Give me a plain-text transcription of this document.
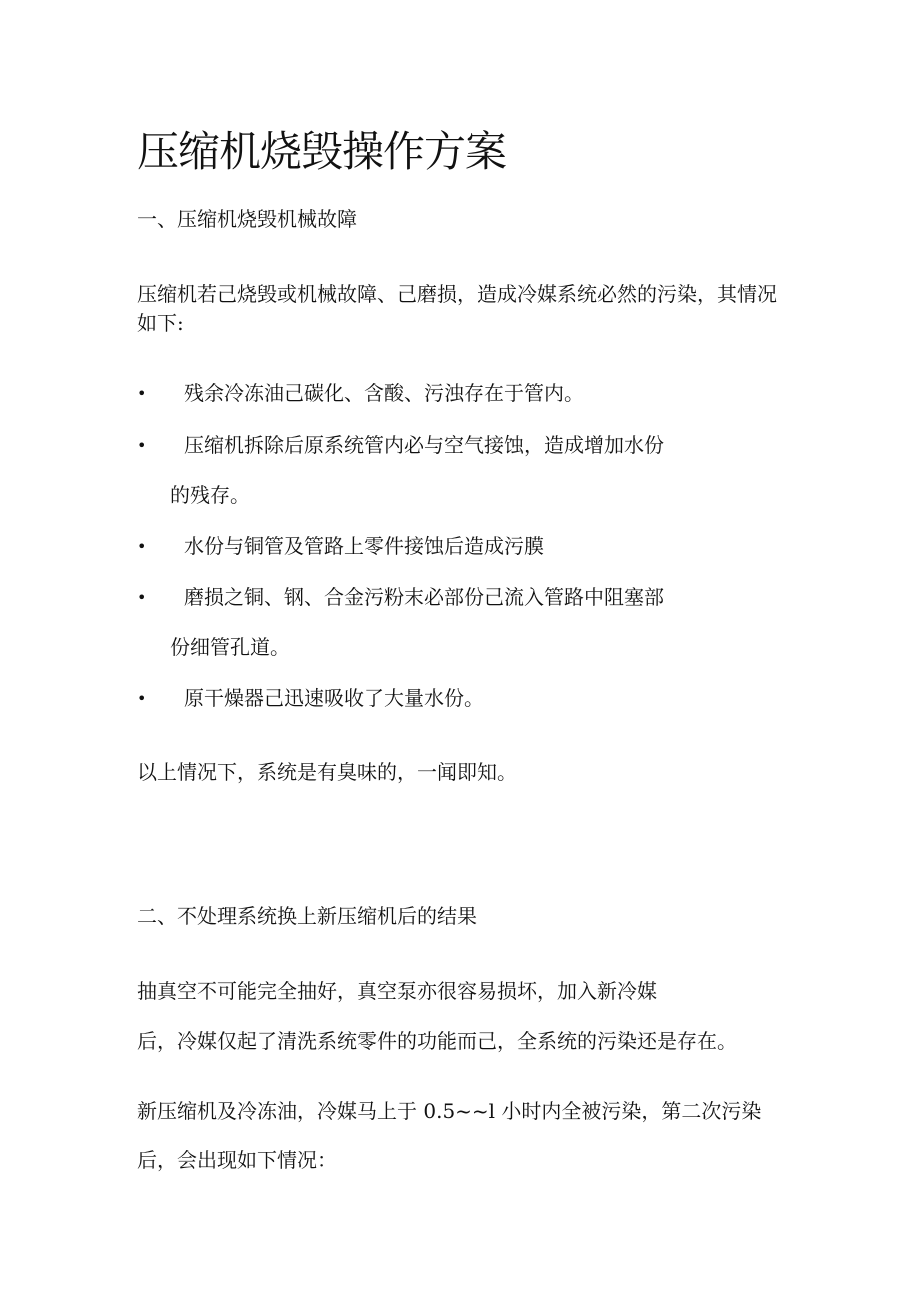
压缩机烧毁操作方案
一、压缩机烧毁机械故障

压缩机若己烧毁或机械故障、己磨损，造成冷媒系统必然的污染，其情况

如下:

• 残余冷冻油己碳化、含酸、污浊存在于管内。

• 压缩机拆除后原系统管内必与空气接蚀，造成增加水份

的残存。

• 水份与铜管及管路上零件接蚀后造成污膜

• 磨损之铜、钢、合金污粉末必部份己流入管路中阻塞部

份细管孔道。

• 原干燥器己迅速吸收了大量水份。

以上情况下，系统是有臭味的，一闻即知。

二、不处理系统换上新压缩机后的结果

抽真空不可能完全抽好，真空泵亦很容易损坏，加入新冷媒

后，冷媒仅起了清洗系统零件的功能而己，全系统的污染还是存在。

新压缩机及冷冻油，冷媒马上于 0.5~~l 小时内全被污染，第二次污染

后，会出现如下情况：
